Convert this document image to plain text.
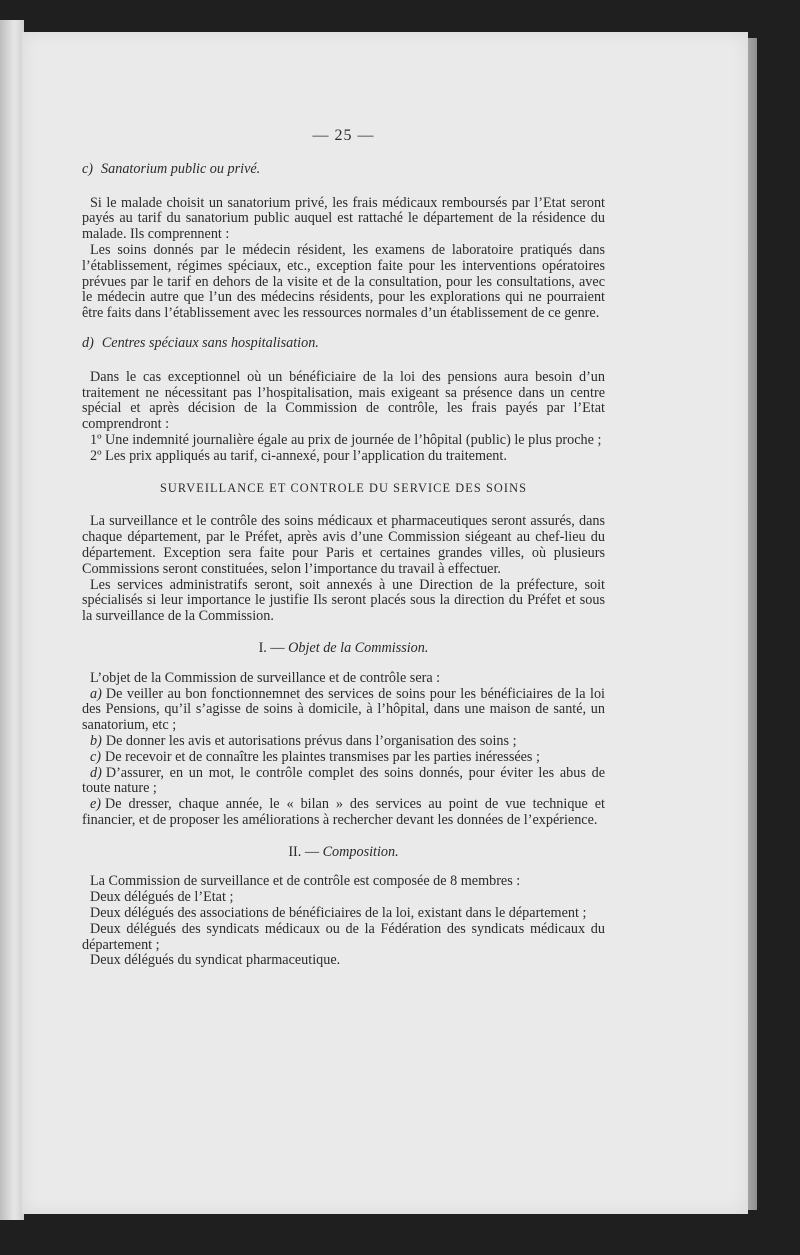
— 25 —
c) Sanatorium public ou privé.

Si le malade choisit un sanatorium privé, les frais médicaux remboursés par l’Etat seront payés au tarif du sanatorium public auquel est rattaché le département de la résidence du malade. Ils comprennent :

Les soins donnés par le médecin résident, les examens de laboratoire pratiqués dans l’établissement, régimes spéciaux, etc., exception faite pour les interventions opératoires prévues par le tarif en dehors de la visite et de la consultation, pour les consultations, avec le médecin autre que l’un des médecins résidents, pour les explorations qui ne pourraient être faits dans l’établissement avec les ressources normales d’un établissement de ce genre.

d) Centres spéciaux sans hospitalisation.

Dans le cas exceptionnel où un bénéficiaire de la loi des pensions aura besoin d’un traitement ne nécessitant pas l’hospitalisation, mais exigeant sa présence dans un centre spécial et après décision de la Commission de contrôle, les frais payés par l’Etat comprendront :

1º Une indemnité journalière égale au prix de journée de l’hôpital (public) le plus proche ;

2º Les prix appliqués au tarif, ci-annexé, pour l’application du traitement.

SURVEILLANCE ET CONTROLE DU SERVICE DES SOINS

La surveillance et le contrôle des soins médicaux et pharmaceutiques seront assurés, dans chaque département, par le Préfet, après avis d’une Commission siégeant au chef-lieu du département. Exception sera faite pour Paris et certaines grandes villes, où plusieurs Commissions seront constituées, selon l’importance du travail à effectuer.

Les services administratifs seront, soit annexés à une Direction de la préfecture, soit spécialisés si leur importance le justifie Ils seront placés sous la direction du Préfet et sous la surveillance de la Commission.

I. — Objet de la Commission.

L’objet de la Commission de surveillance et de contrôle sera :

a) De veiller au bon fonctionnemnet des services de soins pour les bénéficiaires de la loi des Pensions, qu’il s’agisse de soins à domicile, à l’hôpital, dans une maison de santé, un sanatorium, etc ;

b) De donner les avis et autorisations prévus dans l’organisation des soins ;

c) De recevoir et de connaître les plaintes transmises par les parties inéressées ;

d) D’assurer, en un mot, le contrôle complet des soins donnés, pour éviter les abus de toute nature ;

e) De dresser, chaque année, le « bilan » des services au point de vue technique et financier, et de proposer les améliorations à rechercher devant les données de l’expérience.

II. — Composition.

La Commission de surveillance et de contrôle est composée de 8 membres :

Deux délégués de l’Etat ;

Deux délégués des associations de bénéficiaires de la loi, existant dans le département ;

Deux délégués des syndicats médicaux ou de la Fédération des syndicats médicaux du département ;

Deux délégués du syndicat pharmaceutique.
